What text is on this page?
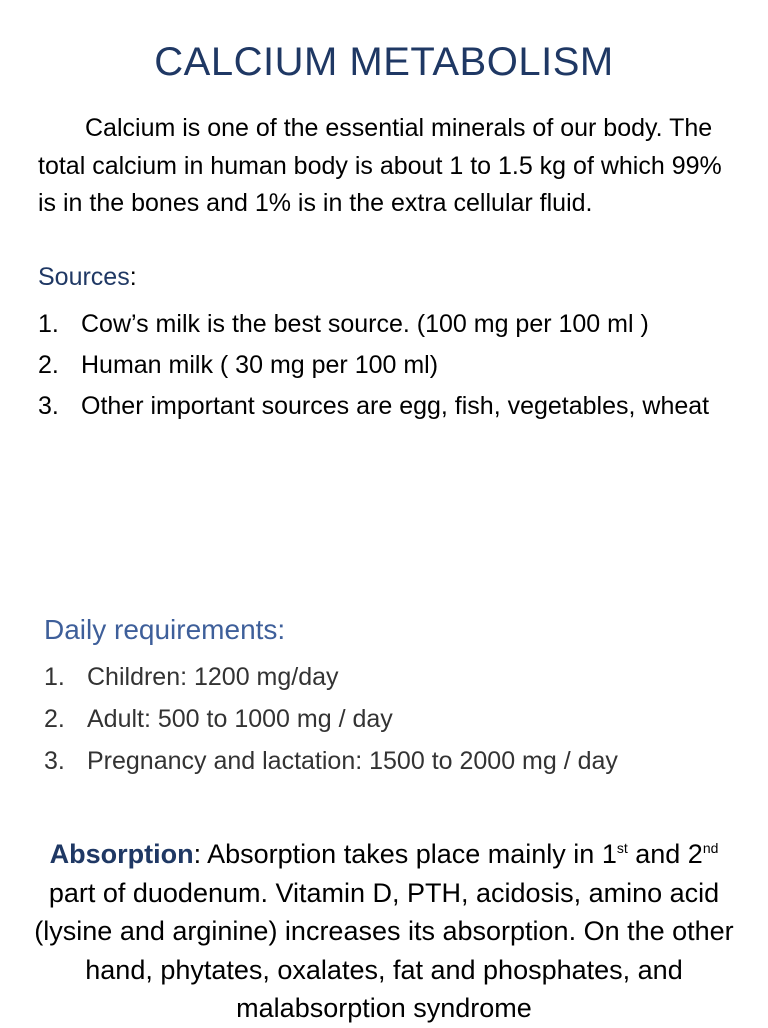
CALCIUM METABOLISM
Calcium is one of the essential minerals of our body. The total calcium in human body is about 1 to 1.5 kg of which 99% is in the bones and 1% is in the extra cellular fluid.
Sources:
1. Cow’s milk is the best source. (100 mg per 100 ml )
2. Human milk ( 30 mg per 100 ml)
3. Other important sources are egg, fish, vegetables, wheat
Daily requirements:
1. Children: 1200 mg/day
2. Adult: 500 to 1000 mg / day
3. Pregnancy and lactation: 1500 to 2000 mg / day
Absorption: Absorption takes place mainly in 1st and 2nd part of duodenum. Vitamin D, PTH, acidosis, amino acid (lysine and arginine) increases its absorption. On the other hand, phytates, oxalates, fat and phosphates, and malabsorption syndrome
